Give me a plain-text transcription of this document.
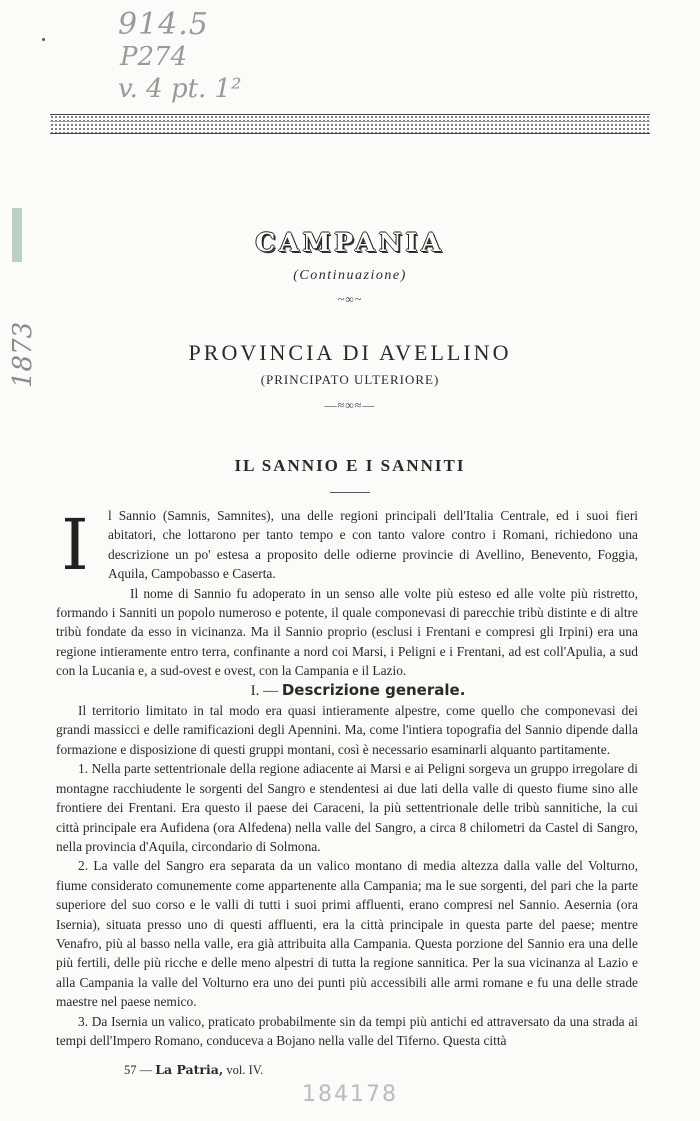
914.5
P274
v. 4 pt. 1²
1873
CAMPANIA
(Continuazione)
~∞~
PROVINCIA DI AVELLINO
(PRINCIPATO ULTERIORE)
—≈∞≈—
IL SANNIO E I SANNITI

I	l Sannio (Samnis, Samnites), una delle regioni principali dell'Italia Centrale, ed i suoi fieri abitatori, che lottarono per tanto tempo e con tanto valore contro i Romani, richiedono una descrizione un po' estesa a proposito delle odierne provincie di Avellino, Benevento, Foggia, Aquila, Campobasso e Caserta.

Il nome di Sannio fu adoperato in un senso alle volte più esteso ed alle volte più ristretto, formando i Sanniti un popolo numeroso e potente, il quale componevasi di parecchie tribù distinte e di altre tribù fondate da esso in vicinanza. Ma il Sannio proprio (esclusi i Frentani e compresi gli Irpini) era una regione intieramente entro terra, confinante a nord coi Marsi, i Peligni e i Frentani, ad est coll'Apulia, a sud con la Lucania e, a sud-ovest e ovest, con la Campania e il Lazio.

I. — Descrizione generale.

Il territorio limitato in tal modo era quasi intieramente alpestre, come quello che componevasi dei grandi massicci e delle ramificazioni degli Apennini. Ma, come l'intiera topografia del Sannio dipende dalla formazione e disposizione di questi gruppi montani, così è necessario esaminarli alquanto partitamente.

1. Nella parte settentrionale della regione adiacente ai Marsi e ai Peligni sorgeva un gruppo irregolare di montagne racchiudente le sorgenti del Sangro e stendentesi ai due lati della valle di questo fiume sino alle frontiere dei Frentani. Era questo il paese dei Caraceni, la più settentrionale delle tribù sannitiche, la cui città principale era Aufidena (ora Alfedena) nella valle del Sangro, a circa 8 chilometri da Castel di Sangro, nella provincia d'Aquila, circondario di Solmona.

2. La valle del Sangro era separata da un valico montano di media altezza dalla valle del Volturno, fiume considerato comunemente come appartenente alla Campania; ma le sue sorgenti, del pari che la parte superiore del suo corso e le valli di tutti i suoi primi affluenti, erano compresi nel Sannio. Aesernia (ora Isernia), situata presso uno di questi affluenti, era la città principale in questa parte del paese; mentre Venafro, più al basso nella valle, era già attribuita alla Campania. Questa porzione del Sannio era una delle più fertili, delle più ricche e delle meno alpestri di tutta la regione sannitica. Per la sua vicinanza al Lazio e alla Campania la valle del Volturno era uno dei punti più accessibili alle armi romane e fu una delle strade maestre nel paese nemico.

3. Da Isernia un valico, praticato probabilmente sin da tempi più antichi ed attraversato da una strada ai tempi dell'Impero Romano, conduceva a Bojano nella valle del Tiferno. Questa città

57 — La Patria, vol. IV.
184178
